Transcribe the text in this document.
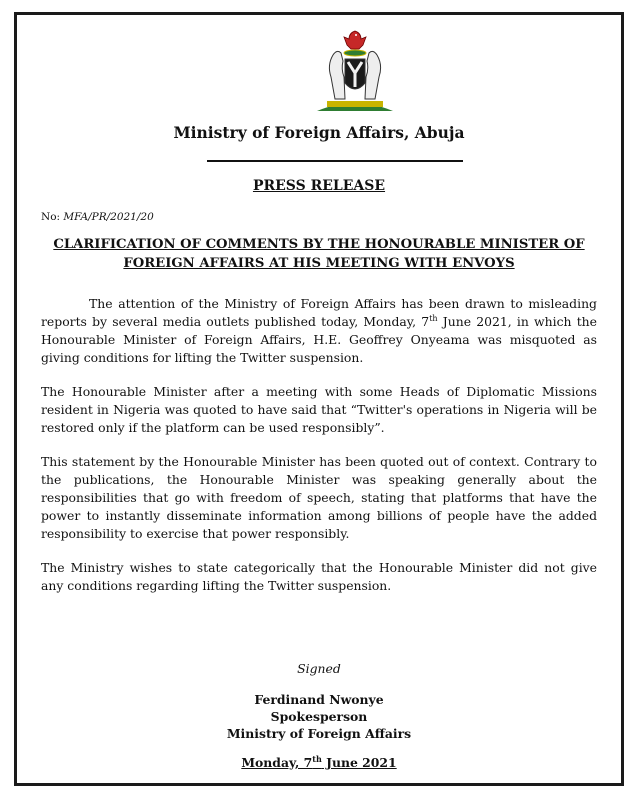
Ministry of Foreign Affairs, Abuja
PRESS RELEASE
No: MFA/PR/2021/20
CLARIFICATION OF COMMENTS BY THE HONOURABLE MINISTER OF
FOREIGN AFFAIRS AT HIS MEETING WITH ENVOYS

The attention of the Ministry of Foreign Affairs has been drawn to misleading reports by several media outlets published today, Monday, 7th June 2021, in which the Honourable Minister of Foreign Affairs, H.E. Geoffrey Onyeama was misquoted as giving conditions for lifting the Twitter suspension.

The Honourable Minister after a meeting with some Heads of Diplomatic Missions resident in Nigeria was quoted to have said that “Twitter's operations in Nigeria will be restored only if the platform can be used responsibly”.

This statement by the Honourable Minister has been quoted out of context. Contrary to the publications, the Honourable Minister was speaking generally about the responsibilities that go with freedom of speech, stating that platforms that have the power to instantly disseminate information among billions of people have the added responsibility to exercise that power responsibly.

The Ministry wishes to state categorically that the Honourable Minister did not give any conditions regarding lifting the Twitter suspension.

Signed
Ferdinand Nwonye
Spokesperson
Ministry of Foreign Affairs
Monday, 7th June 2021
